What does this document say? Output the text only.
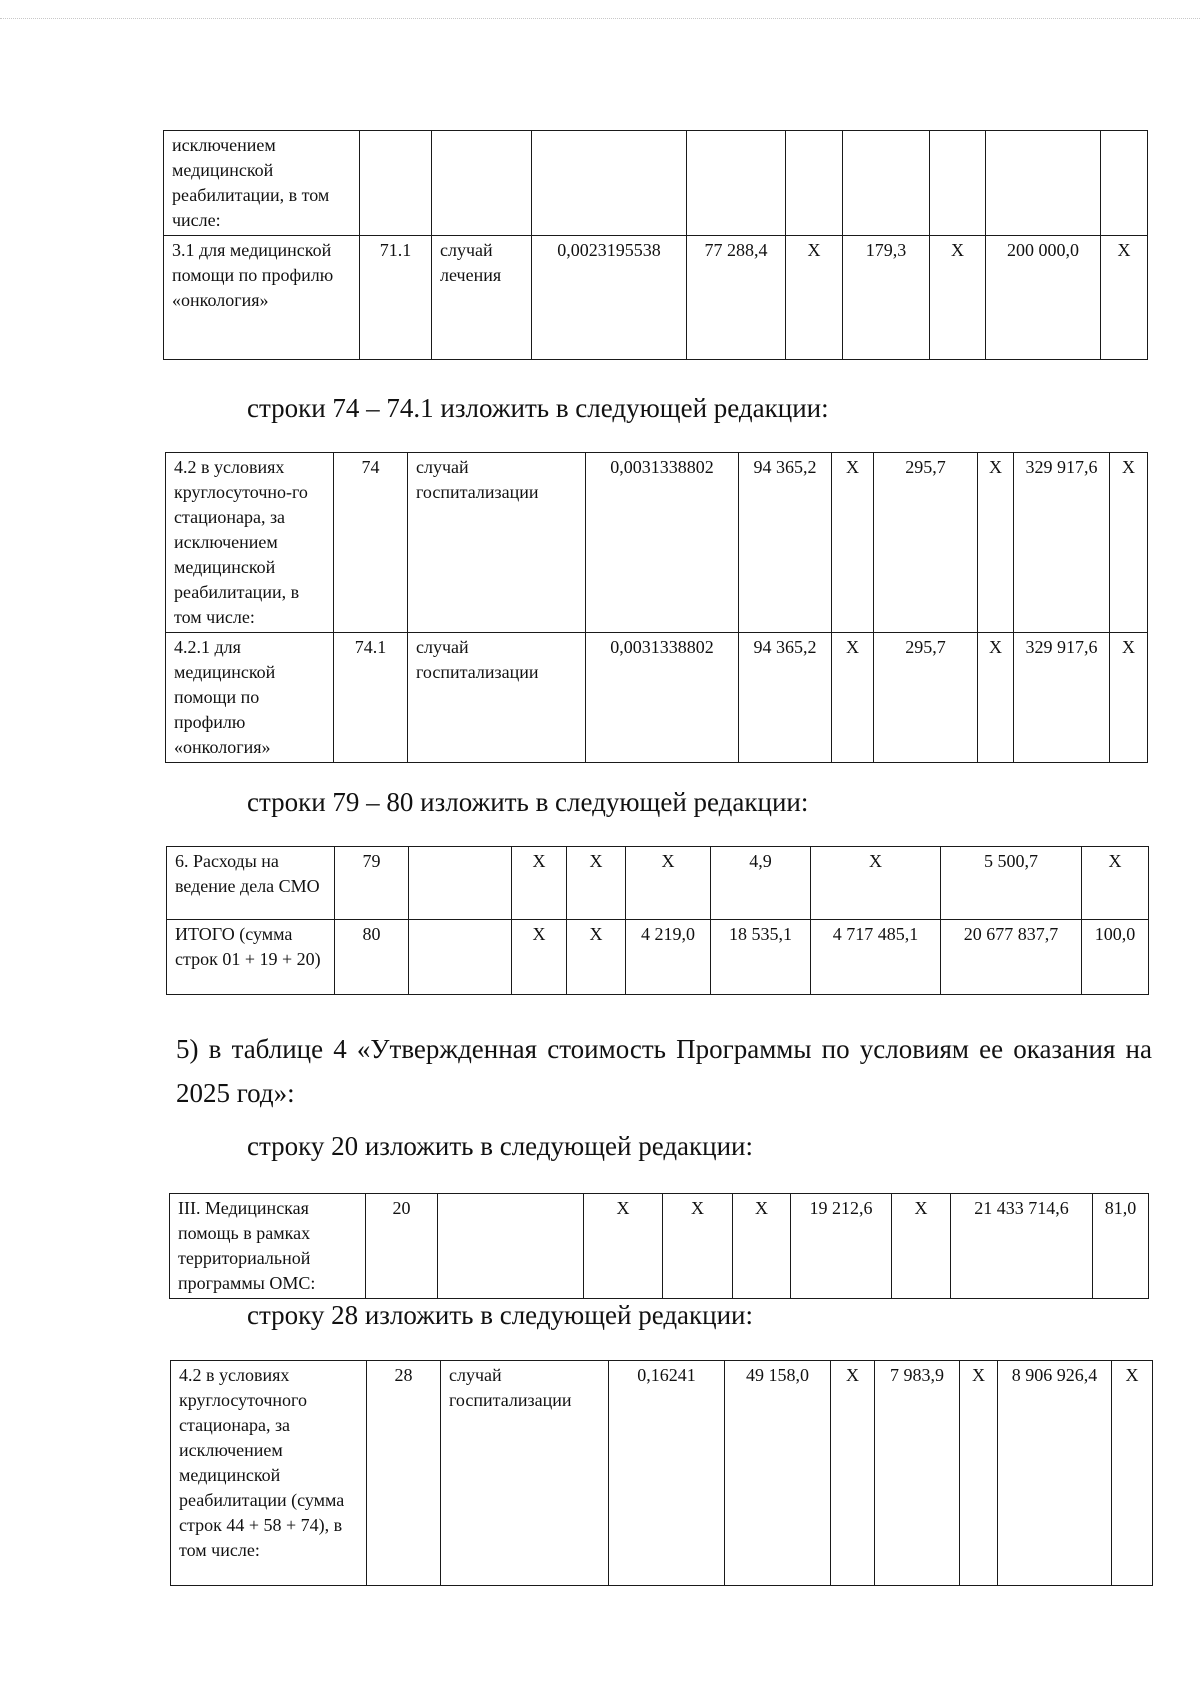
исключением медицинской реабилитации, в том числе:									
3.1 для медицинской помощи по профилю «онкология»	71.1	случай лечения	0,0023195538	77 288,4	X	179,3	X	200 000,0	X

строки 74 – 74.1 изложить в следующей редакции:

4.2 в условиях круглосуточно-го стационара, за исключением медицинской реабилитации, в том числе:	74	случай госпитализации	0,0031338802	94 365,2	X	295,7	X	329 917,6	X
4.2.1 для медицинской помощи по профилю «онкология»	74.1	случай госпитализации	0,0031338802	94 365,2	X	295,7	X	329 917,6	X

строки 79 – 80 изложить в следующей редакции:

6. Расходы на ведение дела СМО	79		X	X	X	4,9	X	5 500,7	X
ИТОГО (сумма строк 01 + 19 + 20)	80		X	X	4 219,0	18 535,1	4 717 485,1	20 677 837,7	100,0

5) в таблице 4 «Утвержденная стоимость Программы по условиям ее оказания на 2025 год»:

строку 20 изложить в следующей редакции:

III. Медицинская помощь в рамках территориальной программы ОМС:	20		X	X	X	19 212,6	X	21 433 714,6	81,0

строку 28 изложить в следующей редакции:

4.2 в условиях круглосуточного стационара, за исключением медицинской реабилитации (сумма строк 44 + 58 + 74), в том числе:	28	случай госпитализации	0,16241	49 158,0	X	7 983,9	X	8 906 926,4	X
